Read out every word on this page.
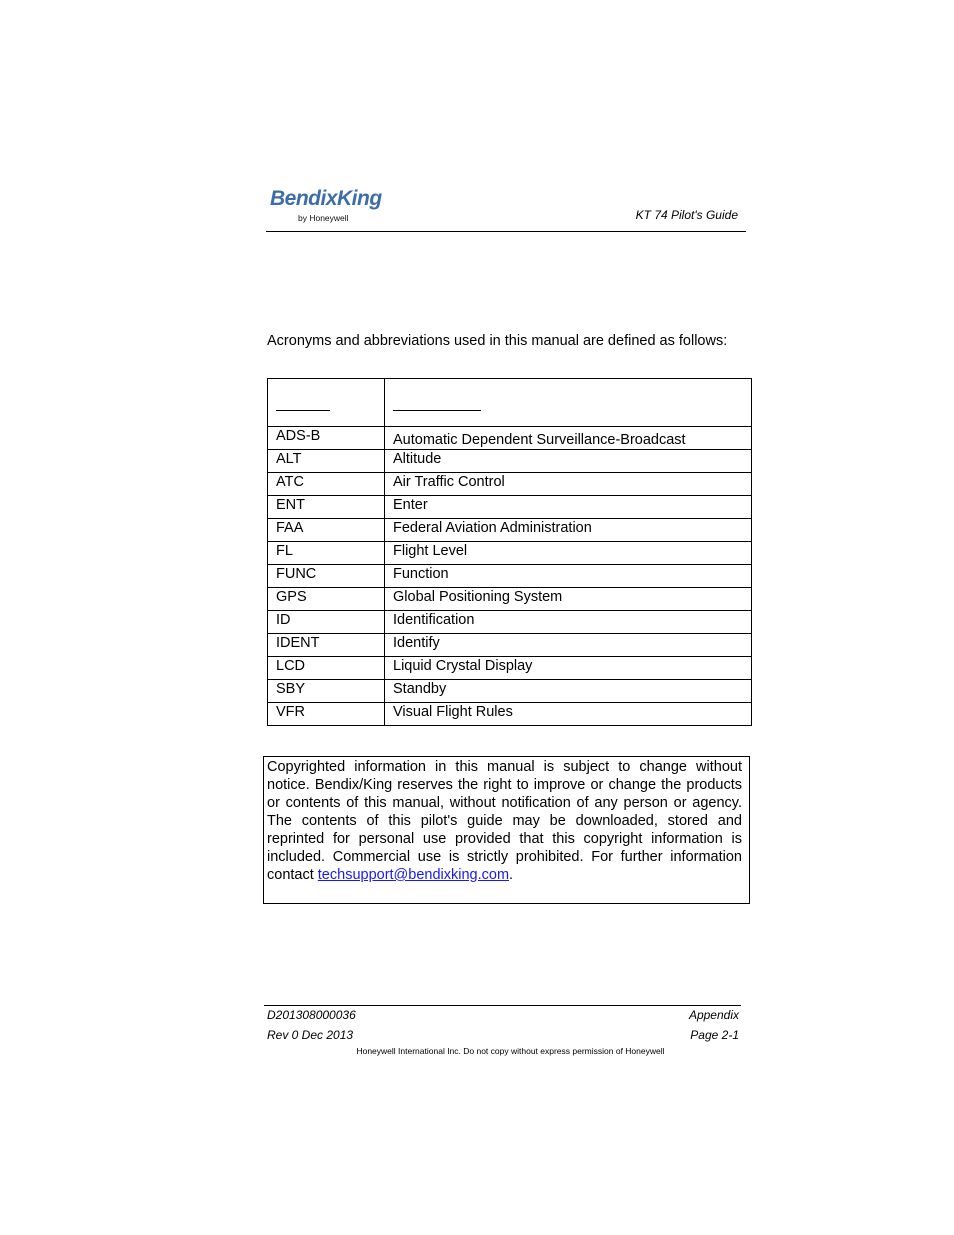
BendixKing
by Honeywell	KT 74 Pilot's Guide
Acronyms and abbreviations used in this manual are defined as follows:

ADS-B	Automatic Dependent Surveillance-Broadcast
ALT	Altitude
ATC	Air Traffic Control
ENT	Enter
FAA	Federal Aviation Administration
FL	Flight Level
FUNC	Function
GPS	Global Positioning System
ID	Identification
IDENT	Identify
LCD	Liquid Crystal Display
SBY	Standby
VFR	Visual Flight Rules
Copyrighted information in this manual is subject to change without notice. Bendix/King reserves the right to improve or change the products or contents of this manual, without notification of any person or agency. The contents of this pilot's guide may be downloaded, stored and reprinted for personal use provided that this copyright information is included. Commercial use is strictly prohibited. For further information contact techsupport@bendixking.com.
D201308000036	Appendix
Rev 0 Dec 2013	Page 2-1
Honeywell International Inc. Do not copy without express permission of Honeywell
